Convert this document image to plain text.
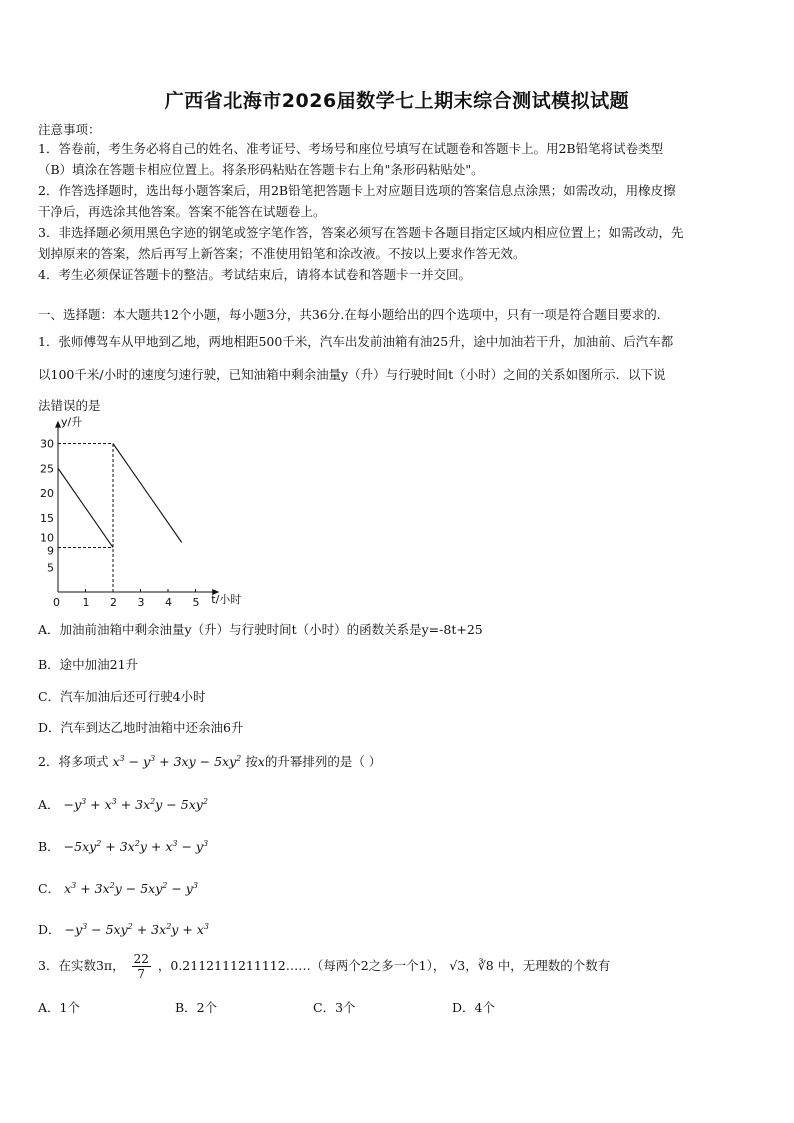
广西省北海市2026届数学七上期末综合测试模拟试题
注意事项：
1．答卷前，考生务必将自己的姓名、准考证号、考场号和座位号填写在试题卷和答题卡上。用2B铅笔将试卷类型
（B）填涂在答题卡相应位置上。将条形码粘贴在答题卡右上角"条形码粘贴处"。
2．作答选择题时，选出每小题答案后，用2B铅笔把答题卡上对应题目选项的答案信息点涂黑；如需改动，用橡皮擦
干净后，再选涂其他答案。答案不能答在试题卷上。
3．非选择题必须用黑色字迹的钢笔或签字笔作答，答案必须写在答题卡各题目指定区域内相应位置上；如需改动，先
划掉原来的答案，然后再写上新答案；不准使用铅笔和涂改液。不按以上要求作答无效。
4．考生必须保证答题卡的整洁。考试结束后，请将本试卷和答题卡一并交回。
一、选择题：本大题共12个小题，每小题3分，共36分.在每小题给出的四个选项中，只有一项是符合题目要求的.
1．张师傅驾车从甲地到乙地，两地相距500千米，汽车出发前油箱有油25升，途中加油若干升，加油前、后汽车都
以100千米/小时的速度匀速行驶，已知油箱中剩余油量y（升）与行驶时间t（小时）之间的关系如图所示．以下说
法错误的是
y/升
t/小时
0 1 2 3 4 5
5
9
10
15
20
25
30
A．加油前油箱中剩余油量y（升）与行驶时间t（小时）的函数关系是y=-8t+25
B．途中加油21升
C．汽车加油后还可行驶4小时
D．汽车到达乙地时油箱中还余油6升
2．将多项式 $x^3 - y^3 + 3xy - 5xy^2$ 按x的升幂排列的是（ ）
A． $-y^3 + x^3 + 3x^2y - 5xy^2$
B． $-5xy^2 + 3x^2y + x^3 - y^3$
C． $x^3 + 3x^2y - 5xy^2 - y^3$
D． $-y^3 - 5xy^2 + 3x^2y + x^3$
3．在实数3π， $\frac{22}{7}$ ，0.2112111211112……（每两个2之多一个1）， √3，∛8 中，无理数的个数有
A．1个	B．2个	C．3个	D．4个
